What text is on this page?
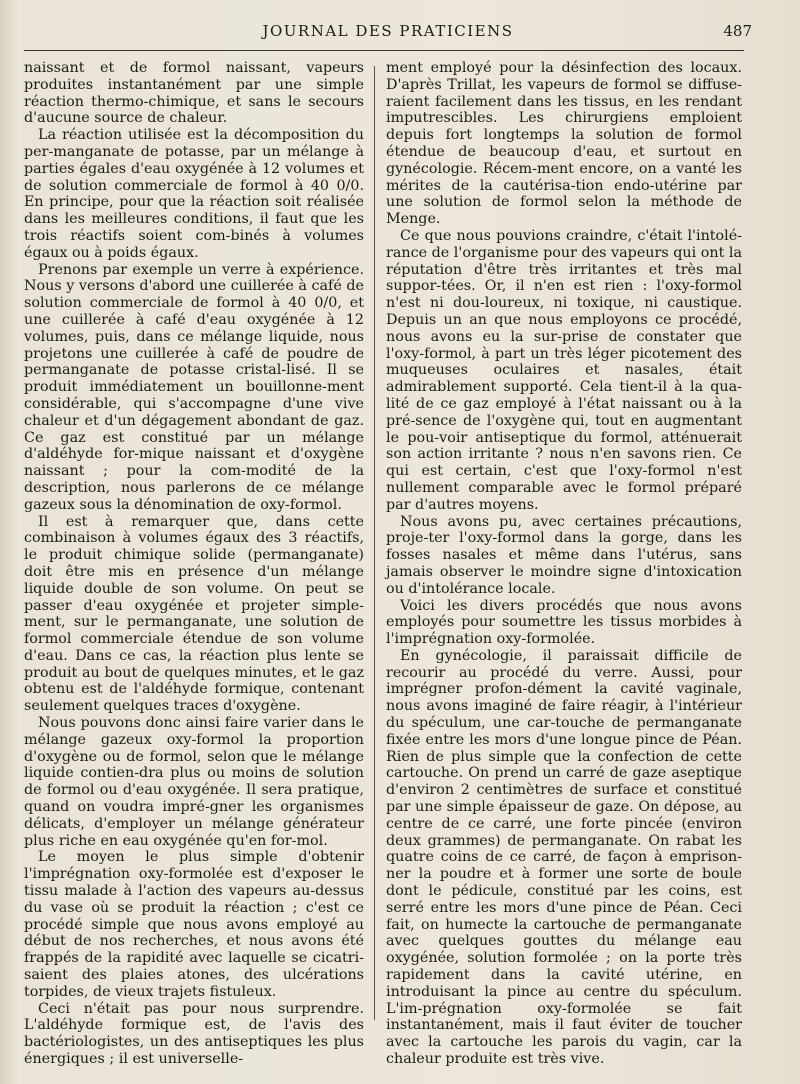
JOURNAL DES PRATICIENS	487

naissant et de formol naissant, vapeurs produites instantanément par une simple réaction thermo-chimique, et sans le secours d'aucune source de chaleur.

La réaction utilisée est la décomposition du per-manganate de potasse, par un mélange à parties égales d'eau oxygénée à 12 volumes et de solution commerciale de formol à 40 0/0. En principe, pour que la réaction soit réalisée dans les meilleures conditions, il faut que les trois réactifs soient com-binés à volumes égaux ou à poids égaux.

Prenons par exemple un verre à expérience. Nous y versons d'abord une cuillerée à café de solution commerciale de formol à 40 0/0, et une cuillerée à café d'eau oxygénée à 12 volumes, puis, dans ce mélange liquide, nous projetons une cuillerée à café de poudre de permanganate de potasse cristal-lisé. Il se produit immédiatement un bouillonne-ment considérable, qui s'accompagne d'une vive chaleur et d'un dégagement abondant de gaz. Ce gaz est constitué par un mélange d'aldéhyde for-mique naissant et d'oxygène naissant ; pour la com-modité de la description, nous parlerons de ce mélange gazeux sous la dénomination de oxy-formol.

Il est à remarquer que, dans cette combinaison à volumes égaux des 3 réactifs, le produit chimique solide (permanganate) doit être mis en présence d'un mélange liquide double de son volume. On peut se passer d'eau oxygénée et projeter simple-ment, sur le permanganate, une solution de formol commerciale étendue de son volume d'eau. Dans ce cas, la réaction plus lente se produit au bout de quelques minutes, et le gaz obtenu est de l'aldéhyde formique, contenant seulement quelques traces d'oxygène.

Nous pouvons donc ainsi faire varier dans le mélange gazeux oxy-formol la proportion d'oxygène ou de formol, selon que le mélange liquide contien-dra plus ou moins de solution de formol ou d'eau oxygénée. Il sera pratique, quand on voudra impré-gner les organismes délicats, d'employer un mélange générateur plus riche en eau oxygénée qu'en for-mol.

Le moyen le plus simple d'obtenir l'imprégnation oxy-formolée est d'exposer le tissu malade à l'action des vapeurs au-dessus du vase où se produit la réaction ; c'est ce procédé simple que nous avons employé au début de nos recherches, et nous avons été frappés de la rapidité avec laquelle se cicatri-saient des plaies atones, des ulcérations torpides, de vieux trajets fistuleux.

Ceci n'était pas pour nous surprendre. L'aldéhyde formique est, de l'avis des bactériologistes, un des antiseptiques les plus énergiques ; il est universelle-

ment employé pour la désinfection des locaux. D'après Trillat, les vapeurs de formol se diffuse-raient facilement dans les tissus, en les rendant imputrescibles. Les chirurgiens emploient depuis fort longtemps la solution de formol étendue de beaucoup d'eau, et surtout en gynécologie. Récem-ment encore, on a vanté les mérites de la cautérisa-tion endo-utérine par une solution de formol selon la méthode de Menge.

Ce que nous pouvions craindre, c'était l'intolé-rance de l'organisme pour des vapeurs qui ont la réputation d'être très irritantes et très mal suppor-tées. Or, il n'en est rien : l'oxy-formol n'est ni dou-loureux, ni toxique, ni caustique. Depuis un an que nous employons ce procédé, nous avons eu la sur-prise de constater que l'oxy-formol, à part un très léger picotement des muqueuses oculaires et nasales, était admirablement supporté. Cela tient-il à la qua-lité de ce gaz employé à l'état naissant ou à la pré-sence de l'oxygène qui, tout en augmentant le pou-voir antiseptique du formol, atténuerait son action irritante ? nous n'en savons rien. Ce qui est certain, c'est que l'oxy-formol n'est nullement comparable avec le formol préparé par d'autres moyens.

Nous avons pu, avec certaines précautions, proje-ter l'oxy-formol dans la gorge, dans les fosses nasales et même dans l'utérus, sans jamais observer le moindre signe d'intoxication ou d'intolérance locale.

Voici les divers procédés que nous avons employés pour soumettre les tissus morbides à l'imprégnation oxy-formolée.

En gynécologie, il paraissait difficile de recourir au procédé du verre. Aussi, pour imprégner profon-dément la cavité vaginale, nous avons imaginé de faire réagir, à l'intérieur du spéculum, une car-touche de permanganate fixée entre les mors d'une longue pince de Péan. Rien de plus simple que la confection de cette cartouche. On prend un carré de gaze aseptique d'environ 2 centimètres de surface et constitué par une simple épaisseur de gaze. On dépose, au centre de ce carré, une forte pincée (environ deux grammes) de permanganate. On rabat les quatre coins de ce carré, de façon à emprison-ner la poudre et à former une sorte de boule dont le pédicule, constitué par les coins, est serré entre les mors d'une pince de Péan. Ceci fait, on humecte la cartouche de permanganate avec quelques gouttes du mélange eau oxygénée, solution formolée ; on la porte très rapidement dans la cavité utérine, en introduisant la pince au centre du spéculum. L'im-prégnation oxy-formolée se fait instantanément, mais il faut éviter de toucher avec la cartouche les parois du vagin, car la chaleur produite est très vive.
